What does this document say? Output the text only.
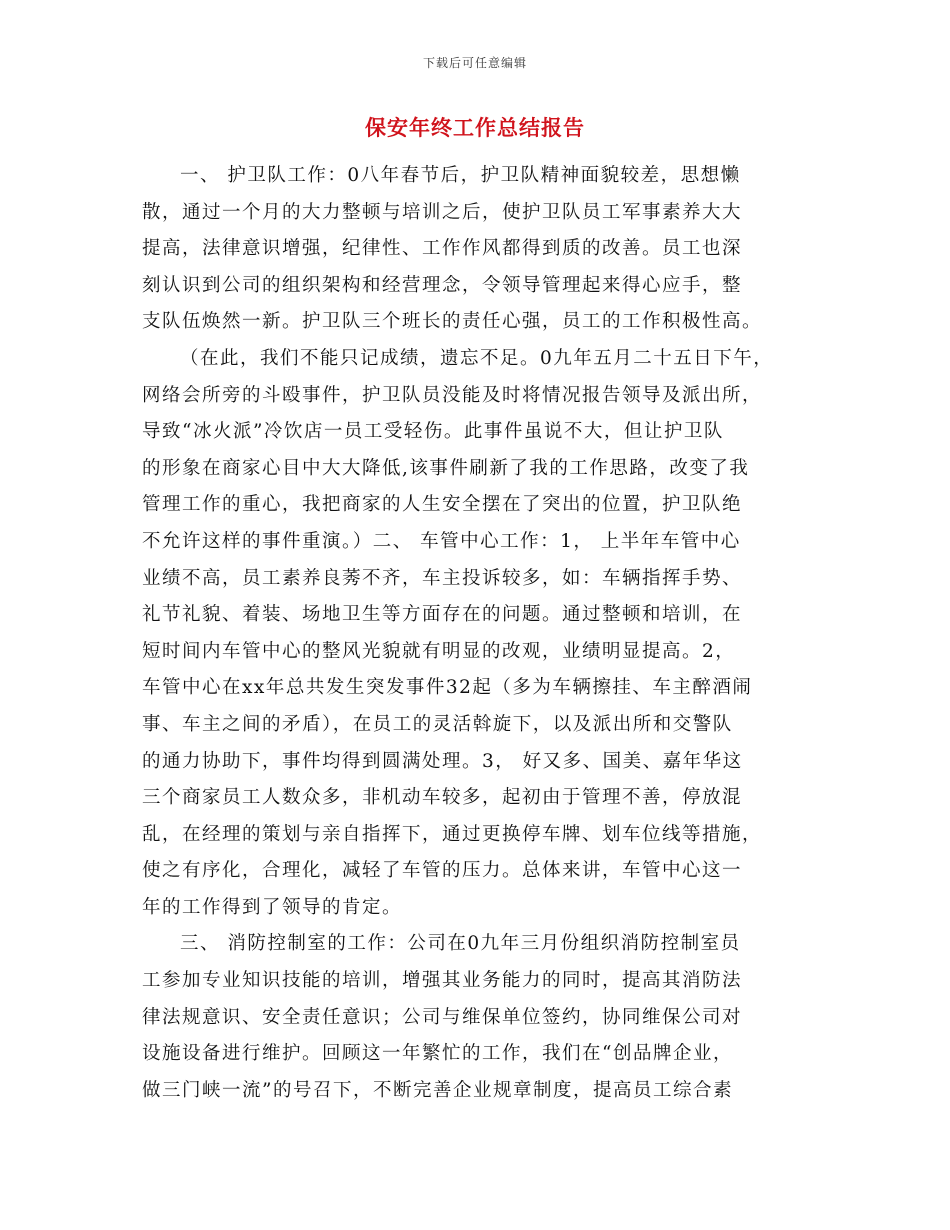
下载后可任意编辑
保安年终工作总结报告
一、 护卫队工作：0八年春节后，护卫队精神面貌较差，思想懒
散，通过一个月的大力整顿与培训之后，使护卫队员工军事素养大大
提高，法律意识增强，纪律性、工作作风都得到质的改善。员工也深
刻认识到公司的组织架构和经营理念，令领导管理起来得心应手，整
支队伍焕然一新。护卫队三个班长的责任心强，员工的工作积极性高。
（在此，我们不能只记成绩，遗忘不足。0九年五月二十五日下午，
网络会所旁的斗殴事件，护卫队员没能及时将情况报告领导及派出所，
导致“冰火派”冷饮店一员工受轻伤。此事件虽说不大，但让护卫队
的形象在商家心目中大大降低,该事件刷新了我的工作思路，改变了我
管理工作的重心，我把商家的人生安全摆在了突出的位置，护卫队绝
不允许这样的事件重演。）二、 车管中心工作：1， 上半年车管中心
业绩不高，员工素养良莠不齐，车主投诉较多，如：车辆指挥手势、
礼节礼貌、着装、场地卫生等方面存在的问题。通过整顿和培训，在
短时间内车管中心的整风光貌就有明显的改观，业绩明显提高。2，
车管中心在xx年总共发生突发事件32起（多为车辆擦挂、车主醉酒闹
事、车主之间的矛盾），在员工的灵活斡旋下，以及派出所和交警队
的通力协助下，事件均得到圆满处理。3， 好又多、国美、嘉年华这
三个商家员工人数众多，非机动车较多，起初由于管理不善，停放混
乱，在经理的策划与亲自指挥下，通过更换停车牌、划车位线等措施，
使之有序化，合理化，减轻了车管的压力。总体来讲，车管中心这一
年的工作得到了领导的肯定。
三、 消防控制室的工作：公司在0九年三月份组织消防控制室员
工参加专业知识技能的培训，增强其业务能力的同时，提高其消防法
律法规意识、安全责任意识；公司与维保单位签约，协同维保公司对
设施设备进行维护。回顾这一年繁忙的工作，我们在“创品牌企业，
做三门峡一流”的号召下，不断完善企业规章制度，提高员工综合素
